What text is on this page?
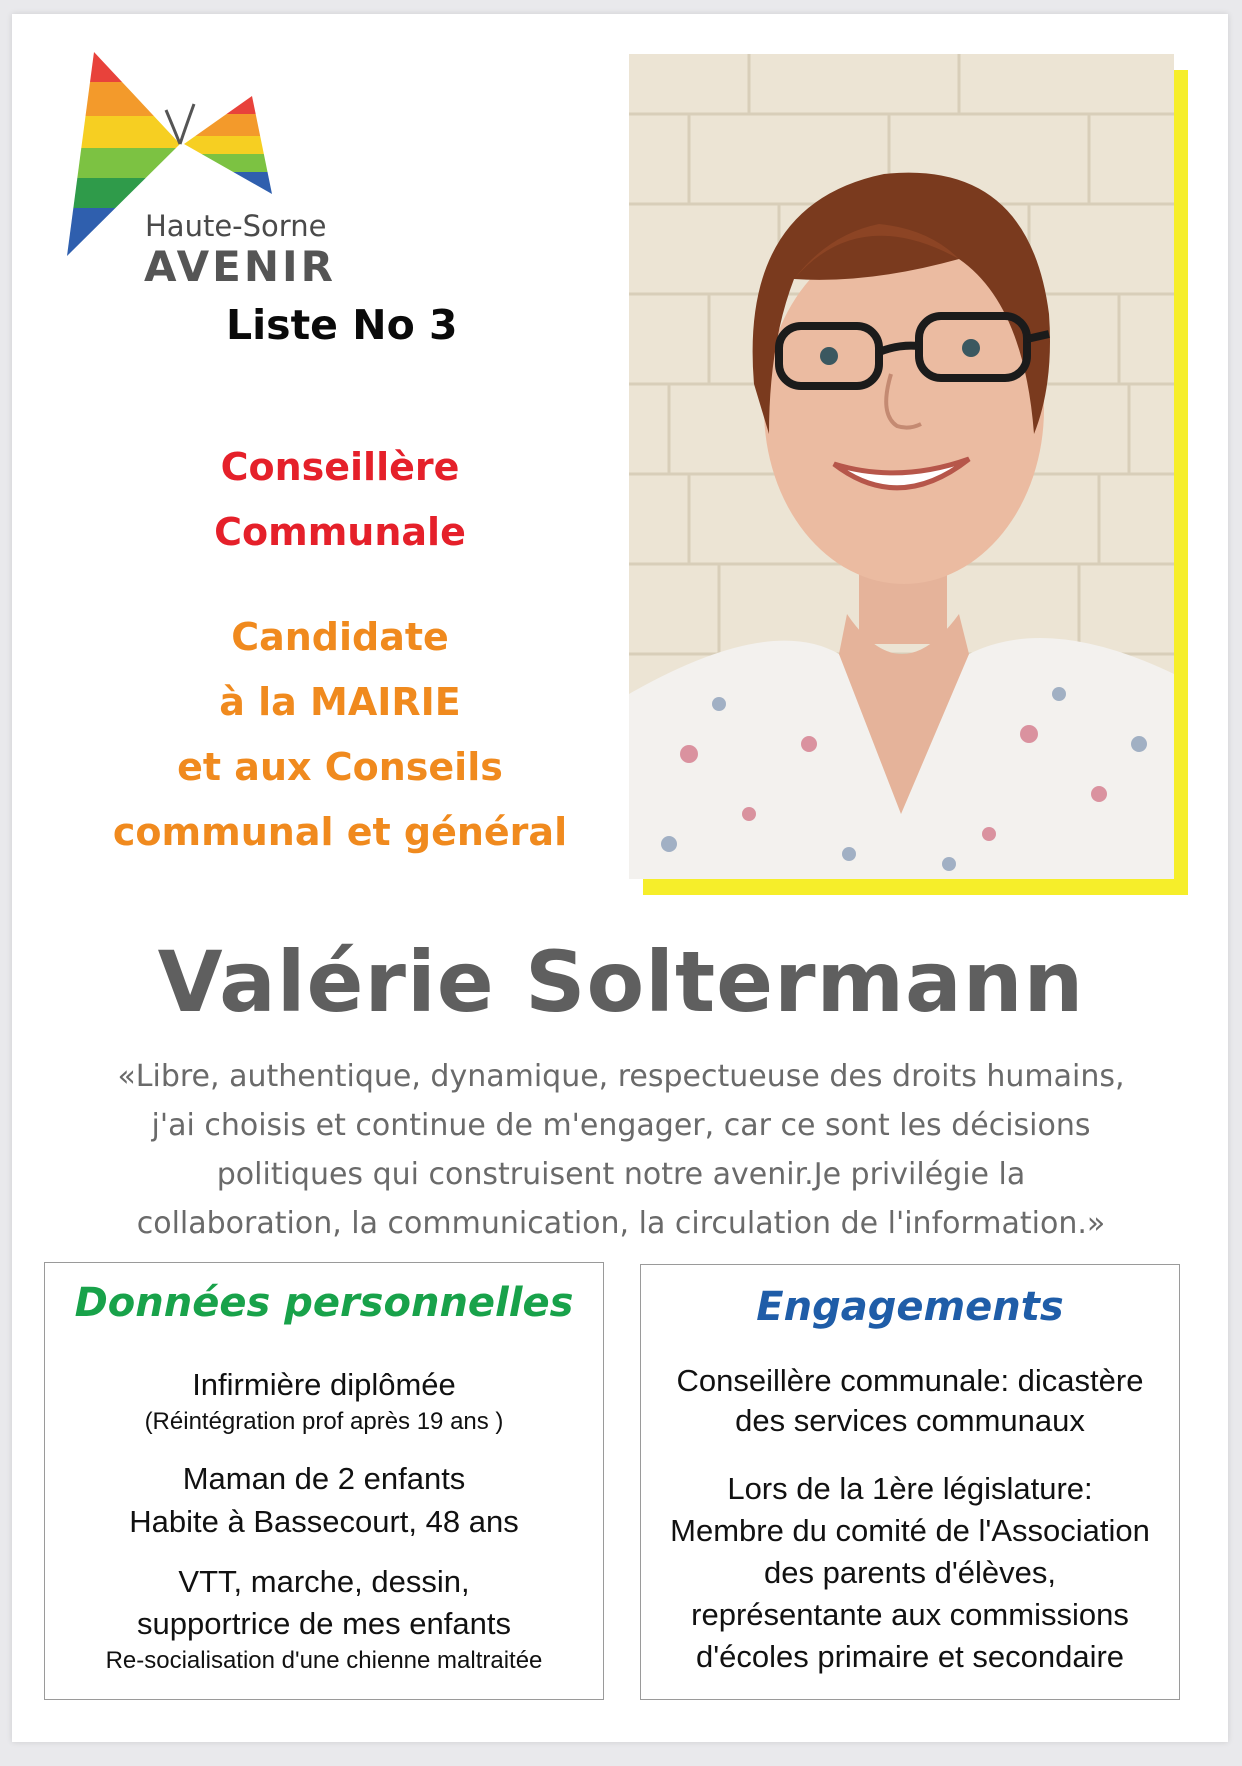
Haute-Sorne
AVENIR
Liste No 3
Conseillère
Communale
Candidate
à la MAIRIE
et aux Conseils
communal et général
Valérie Soltermann
«Libre, authentique, dynamique, respectueuse des droits humains,
j'ai choisis et continue de m'engager, car ce sont les décisions
politiques qui construisent notre avenir.Je privilégie la
collaboration, la communication, la circulation de l'information.»
Données personnelles
Infirmière diplômée
(Réintégration prof après 19 ans )
Maman de 2 enfants
Habite à Bassecourt, 48 ans
VTT, marche, dessin,
supportrice de mes enfants
Re-socialisation d'une chienne maltraitée
Engagements
Conseillère communale: dicastère
des services communaux
Lors de la 1ère législature:
Membre du comité de l'Association
des parents d'élèves,
représentante aux commissions
d'écoles primaire et secondaire
